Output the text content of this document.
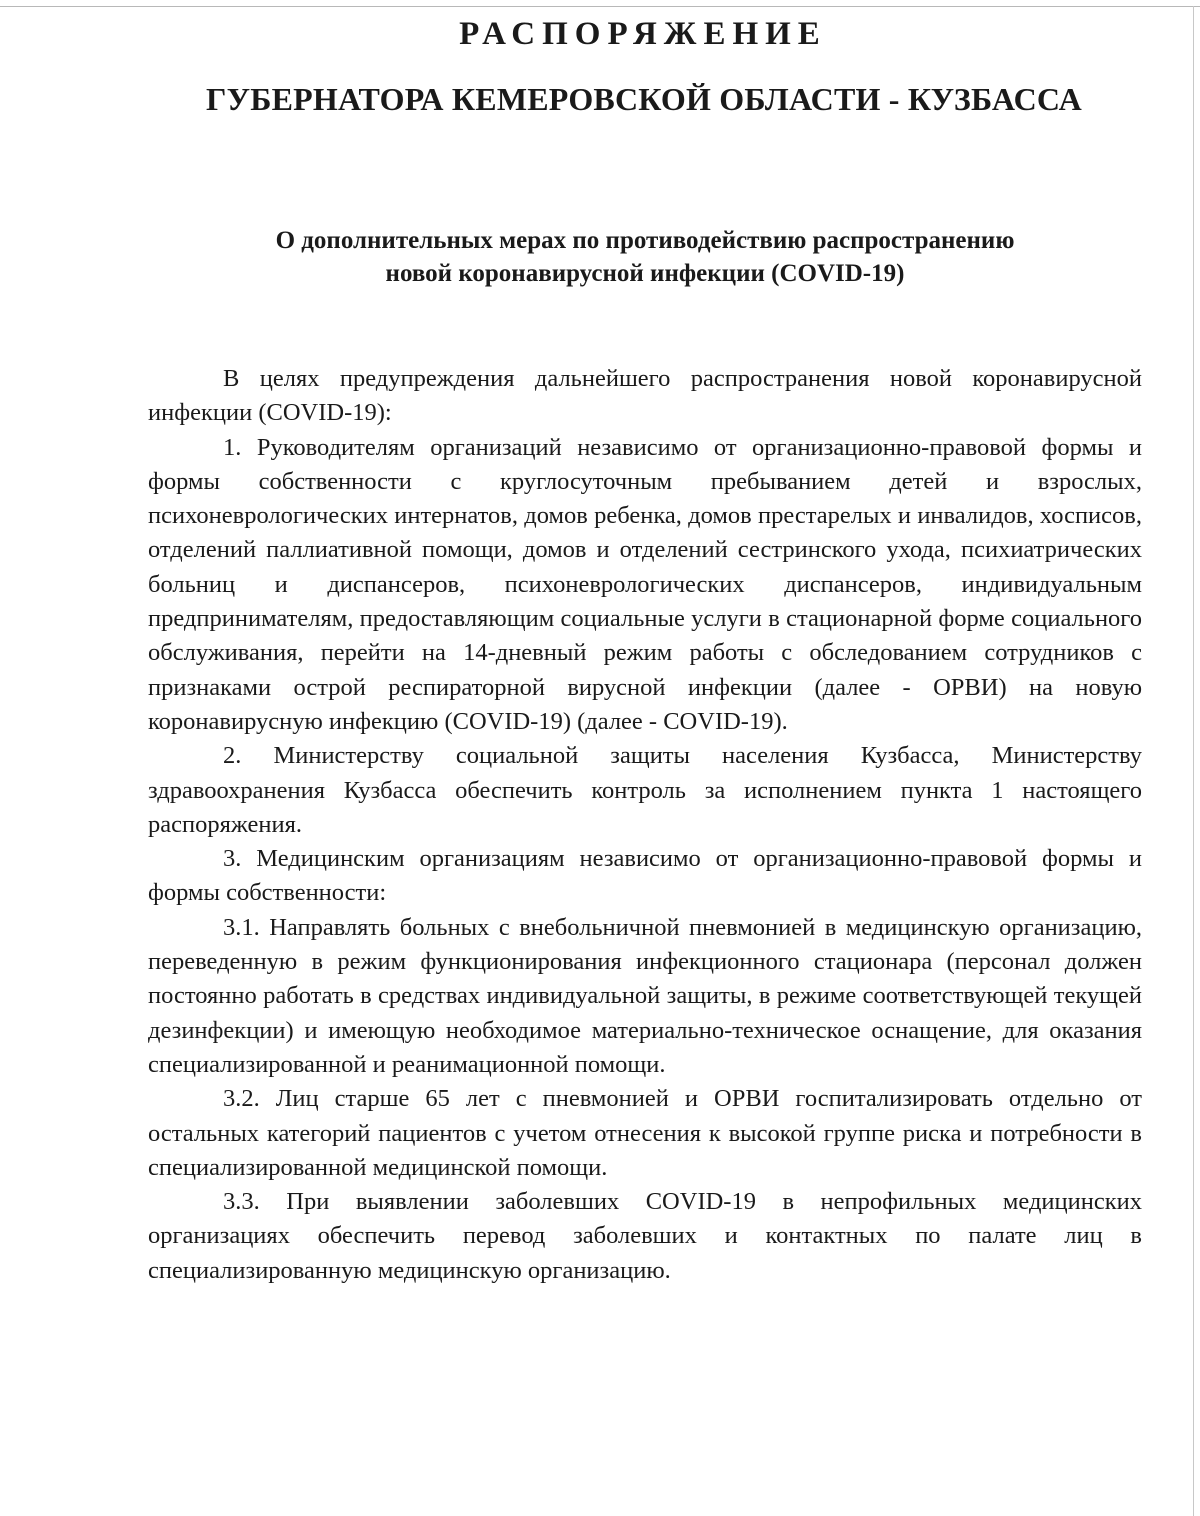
РАСПОРЯЖЕНИЕ
ГУБЕРНАТОРА КЕМЕРОВСКОЙ ОБЛАСТИ - КУЗБАССА
О дополнительных мерах по противодействию распространению
новой коронавирусной инфекции (COVID-19)

В целях предупреждения дальнейшего распространения новой коронавирусной инфекции (COVID-19):

1. Руководителям организаций независимо от организационно-правовой формы и формы собственности с круглосуточным пребыванием детей и взрослых, психоневрологических интернатов, домов ребенка, домов престарелых и инвалидов, хосписов, отделений паллиативной помощи, домов и отделений сестринского ухода, психиатрических больниц и диспансеров, психоневрологических диспансеров, индивидуальным предпринимателям, предоставляющим социальные услуги в стационарной форме социального обслуживания, перейти на 14-дневный режим работы с обследованием сотрудников с признаками острой респираторной вирусной инфекции (далее - ОРВИ) на новую коронавирусную инфекцию (COVID-19) (далее - COVID-19).

2. Министерству социальной защиты населения Кузбасса, Министерству здравоохранения Кузбасса обеспечить контроль за исполнением пункта 1 настоящего распоряжения.

3. Медицинским организациям независимо от организационно-правовой формы и формы собственности:

3.1. Направлять больных с внебольничной пневмонией в медицинскую организацию, переведенную в режим функционирования инфекционного стационара (персонал должен постоянно работать в средствах индивидуальной защиты, в режиме соответствующей текущей дезинфекции) и имеющую необходимое материально-техническое оснащение, для оказания специализированной и реанимационной помощи.

3.2. Лиц старше 65 лет с пневмонией и ОРВИ госпитализировать отдельно от остальных категорий пациентов с учетом отнесения к высокой группе риска и потребности в специализированной медицинской помощи.

3.3. При выявлении заболевших COVID-19 в непрофильных медицинских организациях обеспечить перевод заболевших и контактных по палате лиц в специализированную медицинскую организацию.
